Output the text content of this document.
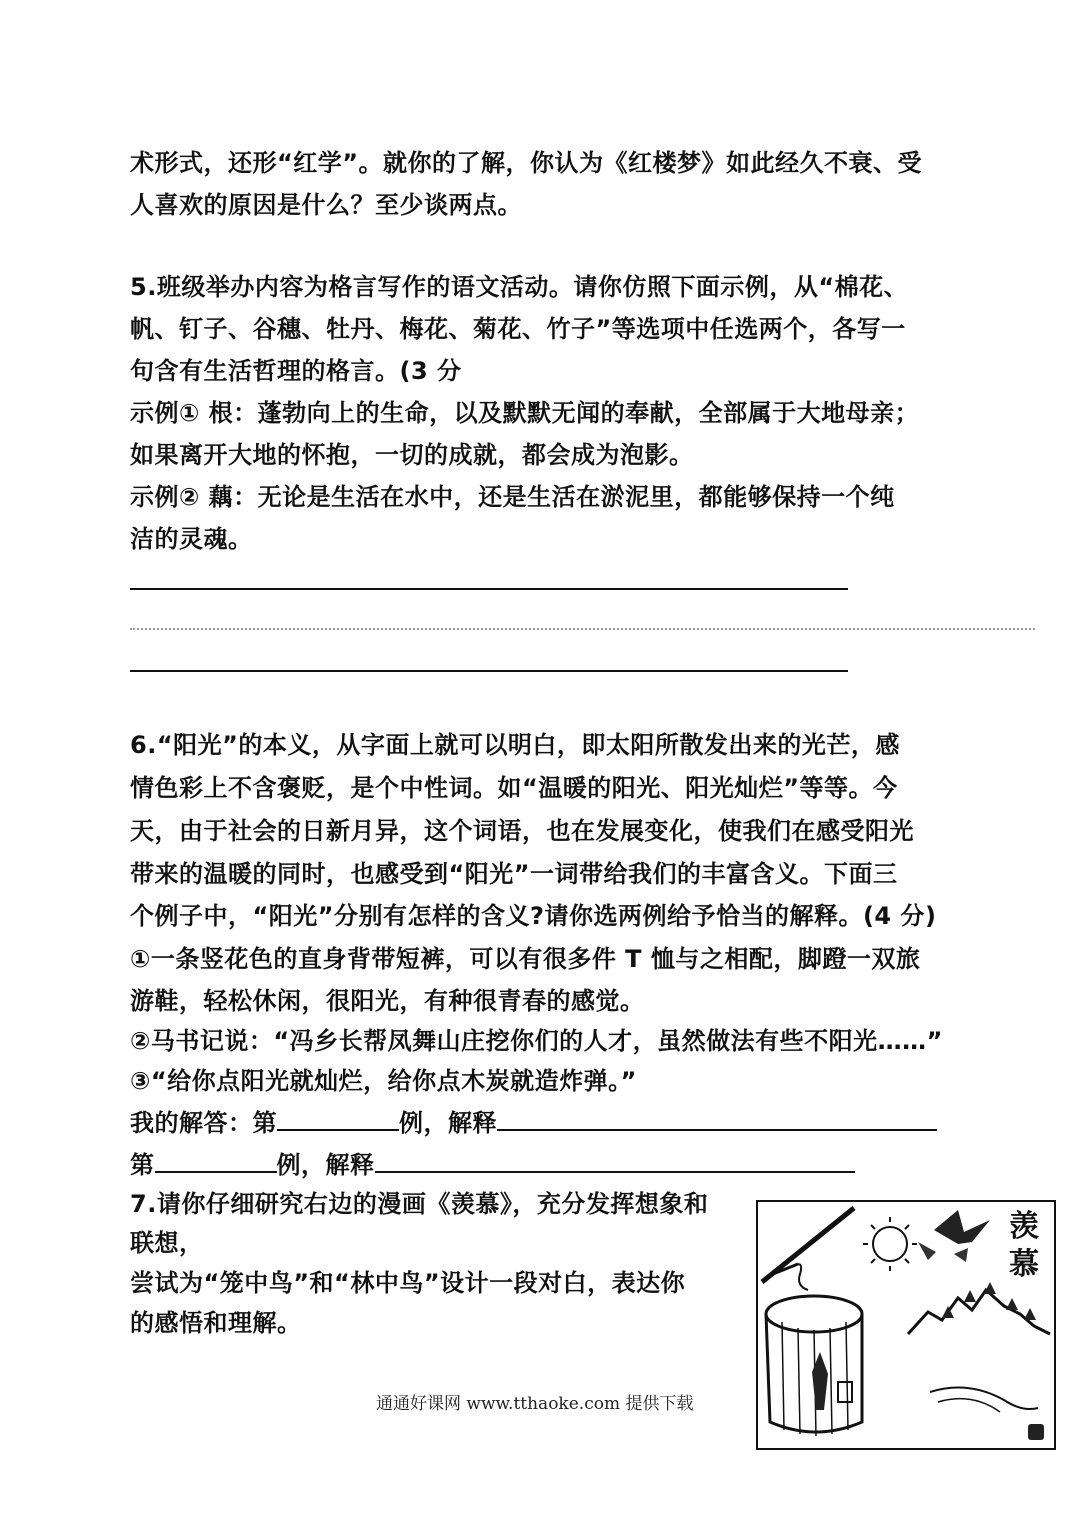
术形式，还形“红学”。就你的了解，你认为《红楼梦》如此经久不衰、受
人喜欢的原因是什么？至少谈两点。
5.班级举办内容为格言写作的语文活动。请你仿照下面示例，从“棉花、
帆、钉子、谷穗、牡丹、梅花、菊花、竹子”等选项中任选两个，各写一
句含有生活哲理的格言。(3 分
示例① 根：蓬勃向上的生命，以及默默无闻的奉献，全部属于大地母亲；
如果离开大地的怀抱，一切的成就，都会成为泡影。
示例② 藕：无论是生活在水中，还是生活在淤泥里，都能够保持一个纯
洁的灵魂。
6.“阳光”的本义，从字面上就可以明白，即太阳所散发出来的光芒，感
情色彩上不含褒贬，是个中性词。如“温暖的阳光、阳光灿烂”等等。今
天，由于社会的日新月异，这个词语，也在发展变化，使我们在感受阳光
带来的温暖的同时，也感受到“阳光”一词带给我们的丰富含义。下面三
个例子中，“阳光”分别有怎样的含义?请你选两例给予恰当的解释。(4 分)
①一条竖花色的直身背带短裤，可以有很多件 T 恤与之相配，脚蹬一双旅
游鞋，轻松休闲，很阳光，有种很青春的感觉。
②马书记说：“冯乡长帮凤舞山庄挖你们的人才，虽然做法有些不阳光……”
③“给你点阳光就灿烂，给你点木炭就造炸弹。”
我的解答：第	例，解释
第	例，解释
7.请你仔细研究右边的漫画《羡慕》，充分发挥想象和
联想，
尝试为“笼中鸟”和“林中鸟”设计一段对白，表达你
的感悟和理解。
羡
慕
通通好课网 www.tthaoke.com 提供下载
